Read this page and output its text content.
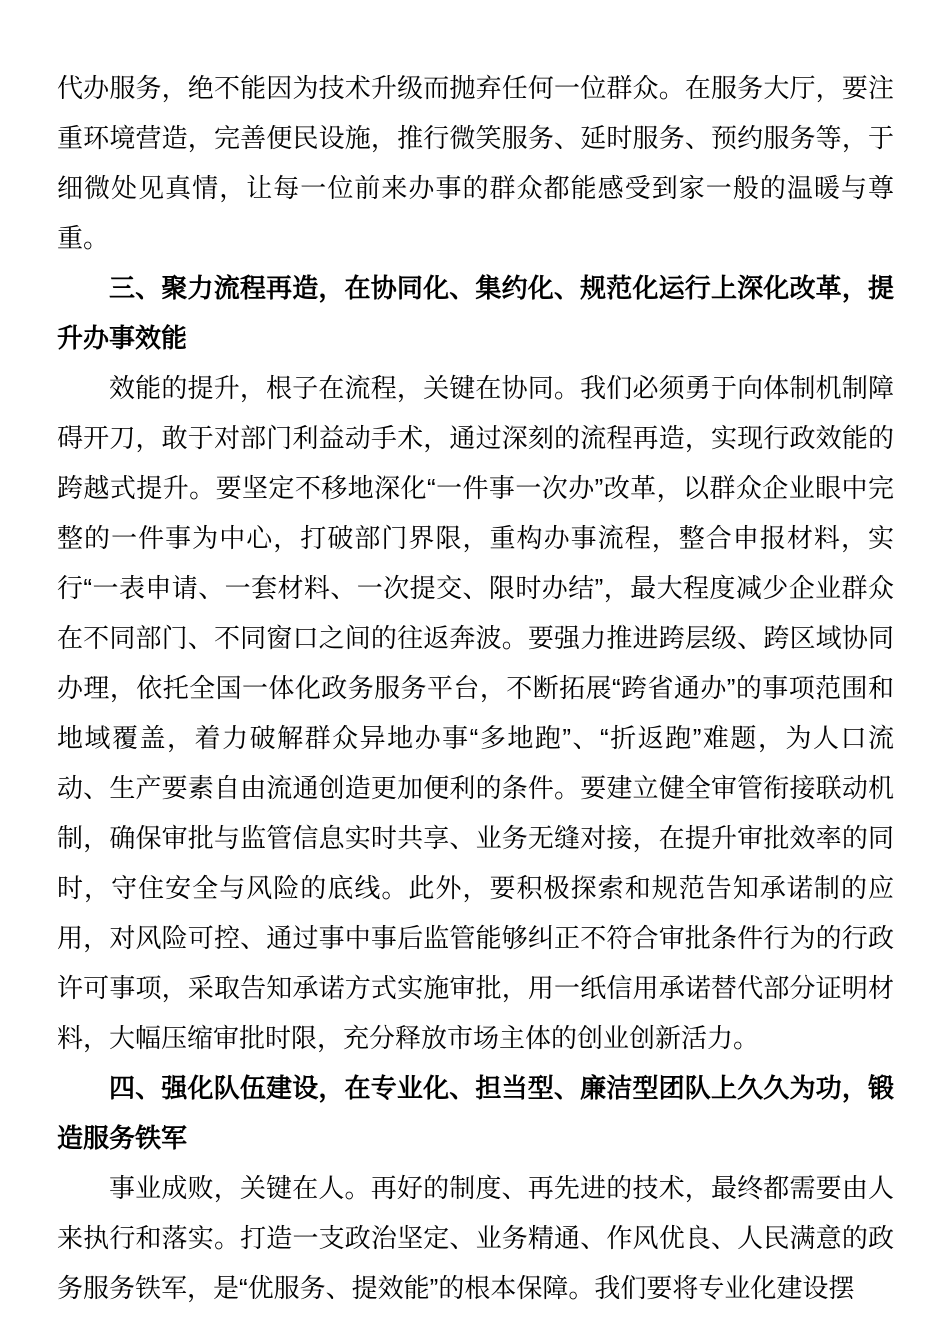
代办服务，绝不能因为技术升级而抛弃任何一位群众。在服务大厅，要注重环境营造，完善便民设施，推行微笑服务、延时服务、预约服务等，于细微处见真情，让每一位前来办事的群众都能感受到家一般的温暖与尊重。

三、聚力流程再造，在协同化、集约化、规范化运行上深化改革，提升办事效能

效能的提升，根子在流程，关键在协同。我们必须勇于向体制机制障碍开刀，敢于对部门利益动手术，通过深刻的流程再造，实现行政效能的跨越式提升。要坚定不移地深化“一件事一次办”改革，以群众企业眼中完整的一件事为中心，打破部门界限，重构办事流程，整合申报材料，实行“一表申请、一套材料、一次提交、限时办结”，最大程度减少企业群众在不同部门、不同窗口之间的往返奔波。要强力推进跨层级、跨区域协同办理，依托全国一体化政务服务平台，不断拓展“跨省通办”的事项范围和地域覆盖，着力破解群众异地办事“多地跑”、“折返跑”难题，为人口流动、生产要素自由流通创造更加便利的条件。要建立健全审管衔接联动机制，确保审批与监管信息实时共享、业务无缝对接，在提升审批效率的同时，守住安全与风险的底线。此外，要积极探索和规范告知承诺制的应用，对风险可控、通过事中事后监管能够纠正不符合审批条件行为的行政许可事项，采取告知承诺方式实施审批，用一纸信用承诺替代部分证明材料，大幅压缩审批时限，充分释放市场主体的创业创新活力。

四、强化队伍建设，在专业化、担当型、廉洁型团队上久久为功，锻造服务铁军

事业成败，关键在人。再好的制度、再先进的技术，最终都需要由人来执行和落实。打造一支政治坚定、业务精通、作风优良、人民满意的政务服务铁军，是“优服务、提效能”的根本保障。我们要将专业化建设摆
